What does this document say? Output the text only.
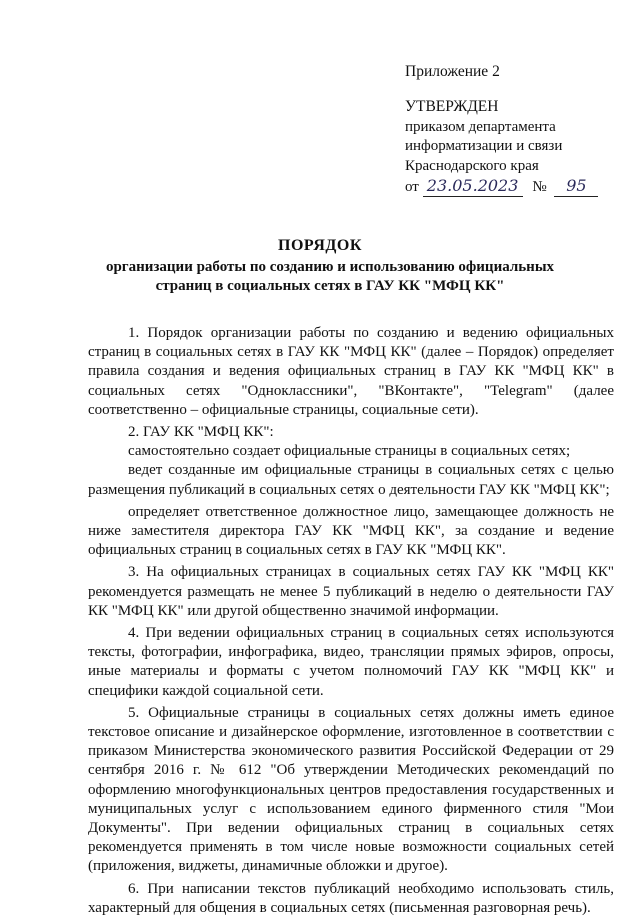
Приложение 2
УТВЕРЖДЕН
приказом департамента
информатизации и связи
Краснодарского края
от 23.05.2023 № 95
ПОРЯДОК
организации работы по созданию и использованию официальных страниц в социальных сетях в ГАУ КК "МФЦ КК"

1. Порядок организации работы по созданию и ведению официальных страниц в социальных сетях в ГАУ КК "МФЦ КК" (далее – Порядок) определяет правила создания и ведения официальных страниц в ГАУ КК "МФЦ КК" в социальных сетях "Одноклассники", "ВКонтакте", "Telegram" (далее соответственно – официальные страницы, социальные сети).

2. ГАУ КК "МФЦ КК":

самостоятельно создает официальные страницы в социальных сетях;

ведет созданные им официальные страницы в социальных сетях с целью размещения публикаций в социальных сетях о деятельности ГАУ КК "МФЦ КК";

определяет ответственное должностное лицо, замещающее должность не ниже заместителя директора ГАУ КК "МФЦ КК", за создание и ведение официальных страниц в социальных сетях в ГАУ КК "МФЦ КК".

3. На официальных страницах в социальных сетях ГАУ КК "МФЦ КК" рекомендуется размещать не менее 5 публикаций в неделю о деятельности ГАУ КК "МФЦ КК" или другой общественно значимой информации.

4. При ведении официальных страниц в социальных сетях используются тексты, фотографии, инфографика, видео, трансляции прямых эфиров, опросы, иные материалы и форматы с учетом полномочий ГАУ КК "МФЦ КК" и специфики каждой социальной сети.

5. Официальные страницы в социальных сетях должны иметь единое текстовое описание и дизайнерское оформление, изготовленное в соответствии с приказом Министерства экономического развития Российской Федерации от 29 сентября 2016 г. № 612 "Об утверждении Методических рекомендаций по оформлению многофункциональных центров предоставления государственных и муниципальных услуг с использованием единого фирменного стиля "Мои Документы". При ведении официальных страниц в социальных сетях рекомендуется применять в том числе новые возможности социальных сетей (приложения, виджеты, динамичные обложки и другое).

6. При написании текстов публикаций необходимо использовать стиль, характерный для общения в социальных сетях (письменная разговорная речь).
